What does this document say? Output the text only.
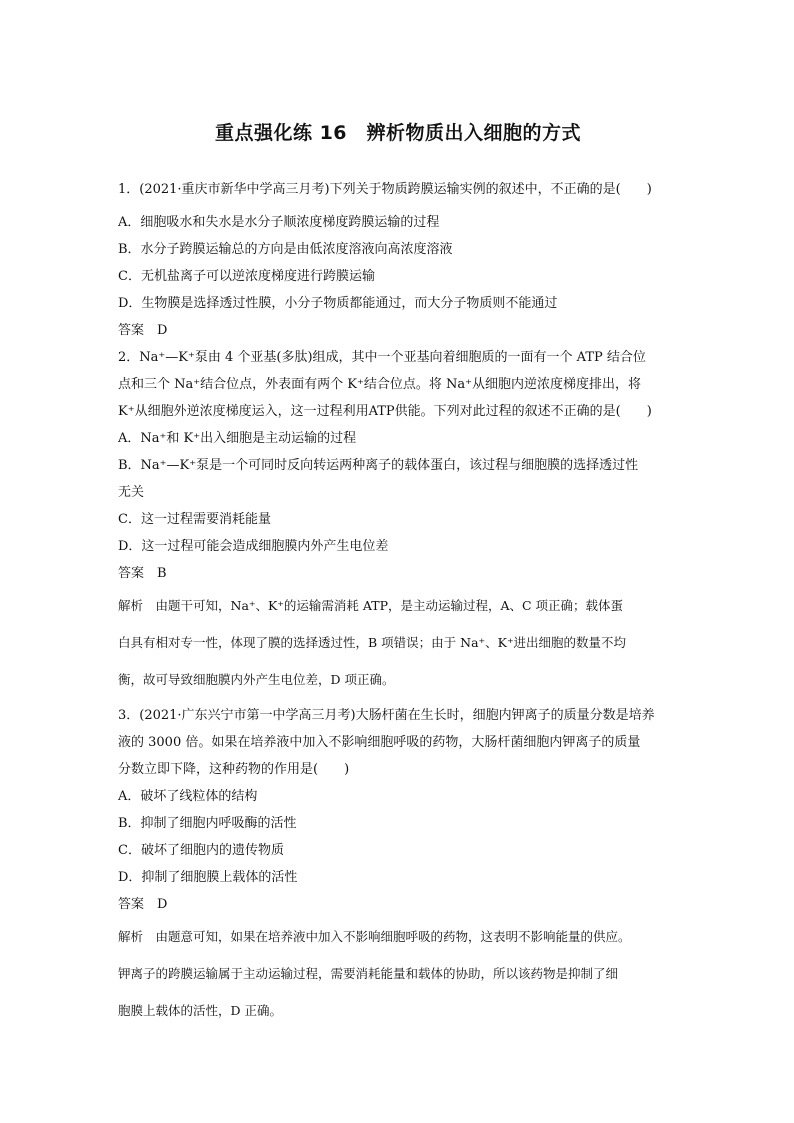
重点强化练 16　辨析物质出入细胞的方式
1．(2021·重庆市新华中学高三月考)下列关于物质跨膜运输实例的叙述中，不正确的是(　　)
A．细胞吸水和失水是水分子顺浓度梯度跨膜运输的过程
B．水分子跨膜运输总的方向是由低浓度溶液向高浓度溶液
C．无机盐离子可以逆浓度梯度进行跨膜运输
D．生物膜是选择透过性膜，小分子物质都能通过，而大分子物质则不能通过
答案　D
2．Na⁺—K⁺泵由 4 个亚基(多肽)组成，其中一个亚基向着细胞质的一面有一个 ATP 结合位
点和三个 Na⁺结合位点，外表面有两个 K⁺结合位点。将 Na⁺从细胞内逆浓度梯度排出，将
K⁺从细胞外逆浓度梯度运入，这一过程利用ATP供能。下列对此过程的叙述不正确的是(　　)
A．Na⁺和 K⁺出入细胞是主动运输的过程
B．Na⁺—K⁺泵是一个可同时反向转运两种离子的载体蛋白，该过程与细胞膜的选择透过性
无关
C．这一过程需要消耗能量
D．这一过程可能会造成细胞膜内外产生电位差
答案　B
解析　由题干可知，Na⁺、K⁺的运输需消耗 ATP，是主动运输过程，A、C 项正确；载体蛋
白具有相对专一性，体现了膜的选择透过性，B 项错误；由于 Na⁺、K⁺进出细胞的数量不均
衡，故可导致细胞膜内外产生电位差，D 项正确。
3．(2021·广东兴宁市第一中学高三月考)大肠杆菌在生长时，细胞内钾离子的质量分数是培养
液的 3000 倍。如果在培养液中加入不影响细胞呼吸的药物，大肠杆菌细胞内钾离子的质量
分数立即下降，这种药物的作用是(　　)
A．破坏了线粒体的结构
B．抑制了细胞内呼吸酶的活性
C．破坏了细胞内的遗传物质
D．抑制了细胞膜上载体的活性
答案　D
解析　由题意可知，如果在培养液中加入不影响细胞呼吸的药物，这表明不影响能量的供应。
钾离子的跨膜运输属于主动运输过程，需要消耗能量和载体的协助，所以该药物是抑制了细
胞膜上载体的活性，D 正确。
